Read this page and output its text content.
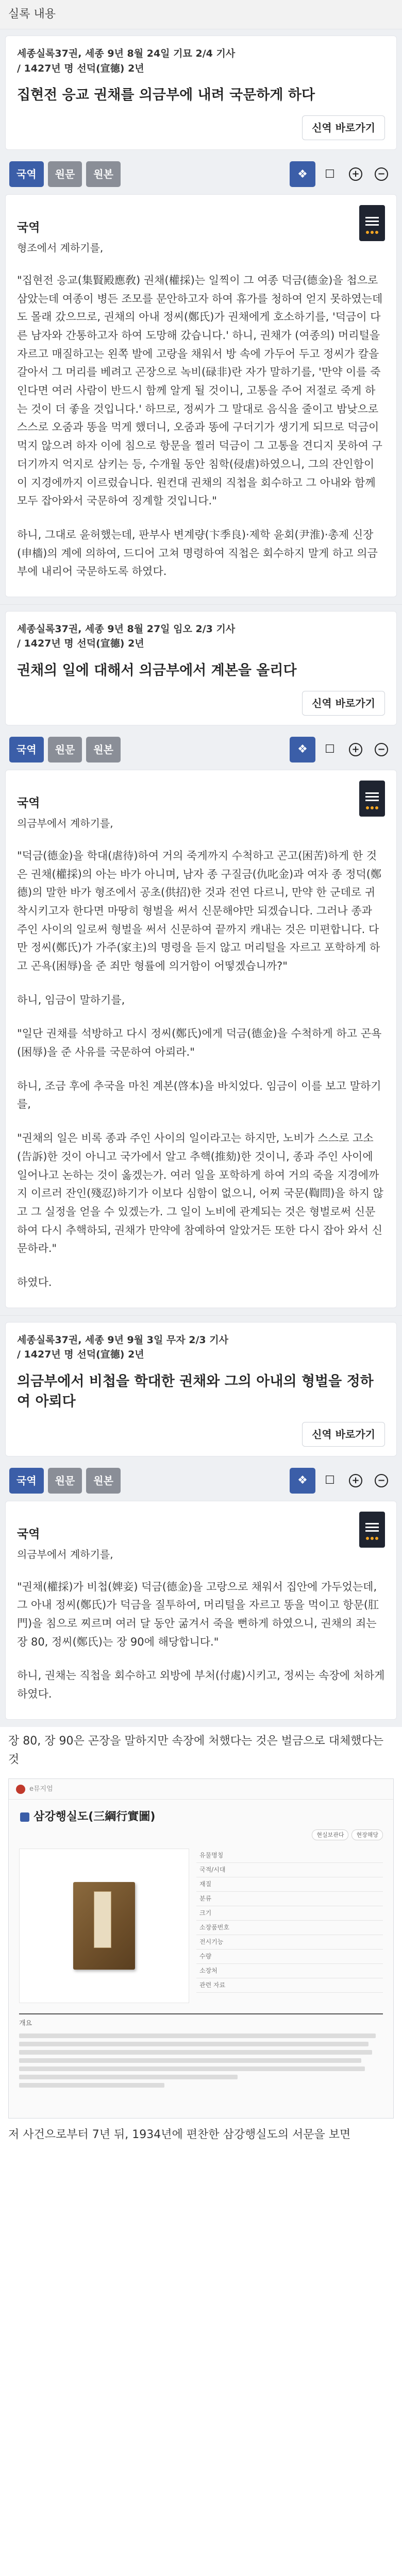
실록 내용
세종실록37권, 세종 9년 8월 24일 기묘 2/4 기사
/ 1427년 명 선덕(宣德) 2년
집현전 응교 권채를 의금부에 내려 국문하게 하다
신역 바로가기
국역	원문	원본	❖	☐	+	−
국역
형조에서 계하기를,
"집현전 응교(集賢殿應敎) 권채(權採)는 일찍이 그 여종 덕금(德金)을 첩으로 삼았는데 여종이 병든 조모를 문안하고자 하여 휴가를 청하여 얻지 못하였는데도 몰래 갔으므로, 권채의 아내 정씨(鄭氏)가 권채에게 호소하기를, '덕금이 다른 남자와 간통하고자 하여 도망해 갔습니다.' 하니, 권채가 (여종의) 머리털을 자르고 매질하고는 왼쪽 발에 고랑을 채워서 방 속에 가두어 두고 정씨가 칼을 갈아서 그 머리를 베려고 곤장으로 녹비(碌非)란 자가 말하기를, '만약 이를 죽인다면 여러 사람이 반드시 함께 알게 될 것이니, 고통을 주어 저절로 죽게 하는 것이 더 좋을 것입니다.' 하므로, 정씨가 그 말대로 음식을 줄이고 밤낮으로 스스로 오줌과 똥을 먹게 했더니, 오줌과 똥에 구더기가 생기게 되므로 덕금이 먹지 않으려 하자 이에 침으로 항문을 찔러 덕금이 그 고통을 견디지 못하여 구더기까지 억지로 삼키는 등, 수개월 동안 침학(侵虐)하였으니, 그의 잔인함이 이 지경에까지 이르렀습니다. 원컨대 권채의 직첩을 회수하고 그 아내와 함께 모두 잡아와서 국문하여 징계할 것입니다."
하니, 그대로 윤허했는데, 판부사 변계량(卞季良)·제학 윤회(尹淮)·총제 신장(申檣)의 계에 의하여, 드디어 고쳐 명령하여 직첩은 회수하지 말게 하고 의금부에 내리어 국문하도록 하였다.
세종실록37권, 세종 9년 8월 27일 임오 2/3 기사
/ 1427년 명 선덕(宣德) 2년
권채의 일에 대해서 의금부에서 계본을 올리다
신역 바로가기
국역	원문	원본	❖	☐	+	−
국역
의금부에서 계하기를,
"덕금(德金)을 학대(虐待)하여 거의 죽게까지 수척하고 곤고(困苦)하게 한 것은 권채(權採)의 아는 바가 아니며, 남자 종 구질금(仇叱金)과 여자 종 정덕(鄭德)의 말한 바가 형조에서 공초(供招)한 것과 전연 다르니, 만약 한 군데로 귀착시키고자 한다면 마땅히 형벌을 써서 신문해야만 되겠습니다. 그러나 종과 주인 사이의 일로써 형벌을 써서 신문하여 끝까지 캐내는 것은 미편합니다. 다만 정씨(鄭氏)가 가주(家主)의 명령을 듣지 않고 머리털을 자르고 포학하게 하고 곤욕(困辱)을 준 죄만 형률에 의거함이 어떻겠습니까?"
하니, 임금이 말하기를,
"일단 권채를 석방하고 다시 정씨(鄭氏)에게 덕금(德金)을 수척하게 하고 곤욕(困辱)을 준 사유를 국문하여 아뢰라."
하니, 조금 후에 추국을 마친 계본(啓本)을 바치었다. 임금이 이를 보고 말하기를,
"권채의 일은 비록 종과 주인 사이의 일이라고는 하지만, 노비가 스스로 고소(告訴)한 것이 아니고 국가에서 알고 추핵(推劾)한 것이니, 종과 주인 사이에 일어나고 논하는 것이 옳겠는가. 여러 일을 포학하게 하여 거의 죽을 지경에까지 이르러 잔인(殘忍)하기가 이보다 심함이 없으니, 어찌 국문(鞫問)을 하지 않고 그 실정을 얻을 수 있겠는가. 그 일이 노비에 관계되는 것은 형벌로써 신문하여 다시 추핵하되, 권채가 만약에 참예하여 알았거든 또한 다시 잡아 와서 신문하라."
하였다.
세종실록37권, 세종 9년 9월 3일 무자 2/3 기사
/ 1427년 명 선덕(宣德) 2년
의금부에서 비첩을 학대한 권채와 그의 아내의 형벌을 정하여 아뢰다
신역 바로가기
국역	원문	원본	❖	☐	+	−
국역
의금부에서 계하기를,
"권채(權採)가 비첩(婢妾) 덕금(德金)을 고랑으로 채워서 집안에 가두었는데, 그 아내 정씨(鄭氏)가 덕금을 질투하여, 머리털을 자르고 똥을 먹이고 항문(肛門)을 침으로 찌르며 여러 달 동안 굶겨서 죽을 뻔하게 하였으니, 권채의 죄는 장 80, 정씨(鄭氏)는 장 90에 해당합니다."
하니, 권채는 직첩을 회수하고 외방에 부처(付處)시키고, 정씨는 속장에 처하게 하였다.
장 80, 장 90은 곤장을 말하지만 속장에 처했다는 것은 벌금으로 대체했다는 것
e뮤지엄
삼강행실도(三綱行實圖)
현실보관다	현장해당
유물명칭
국적/시대
재질
분류
크기
소장품번호
전시기능
수량
소장처
관련 자료
개요
저 사건으로부터 7년 뒤, 1934년에 편찬한 삼강행실도의 서문을 보면
